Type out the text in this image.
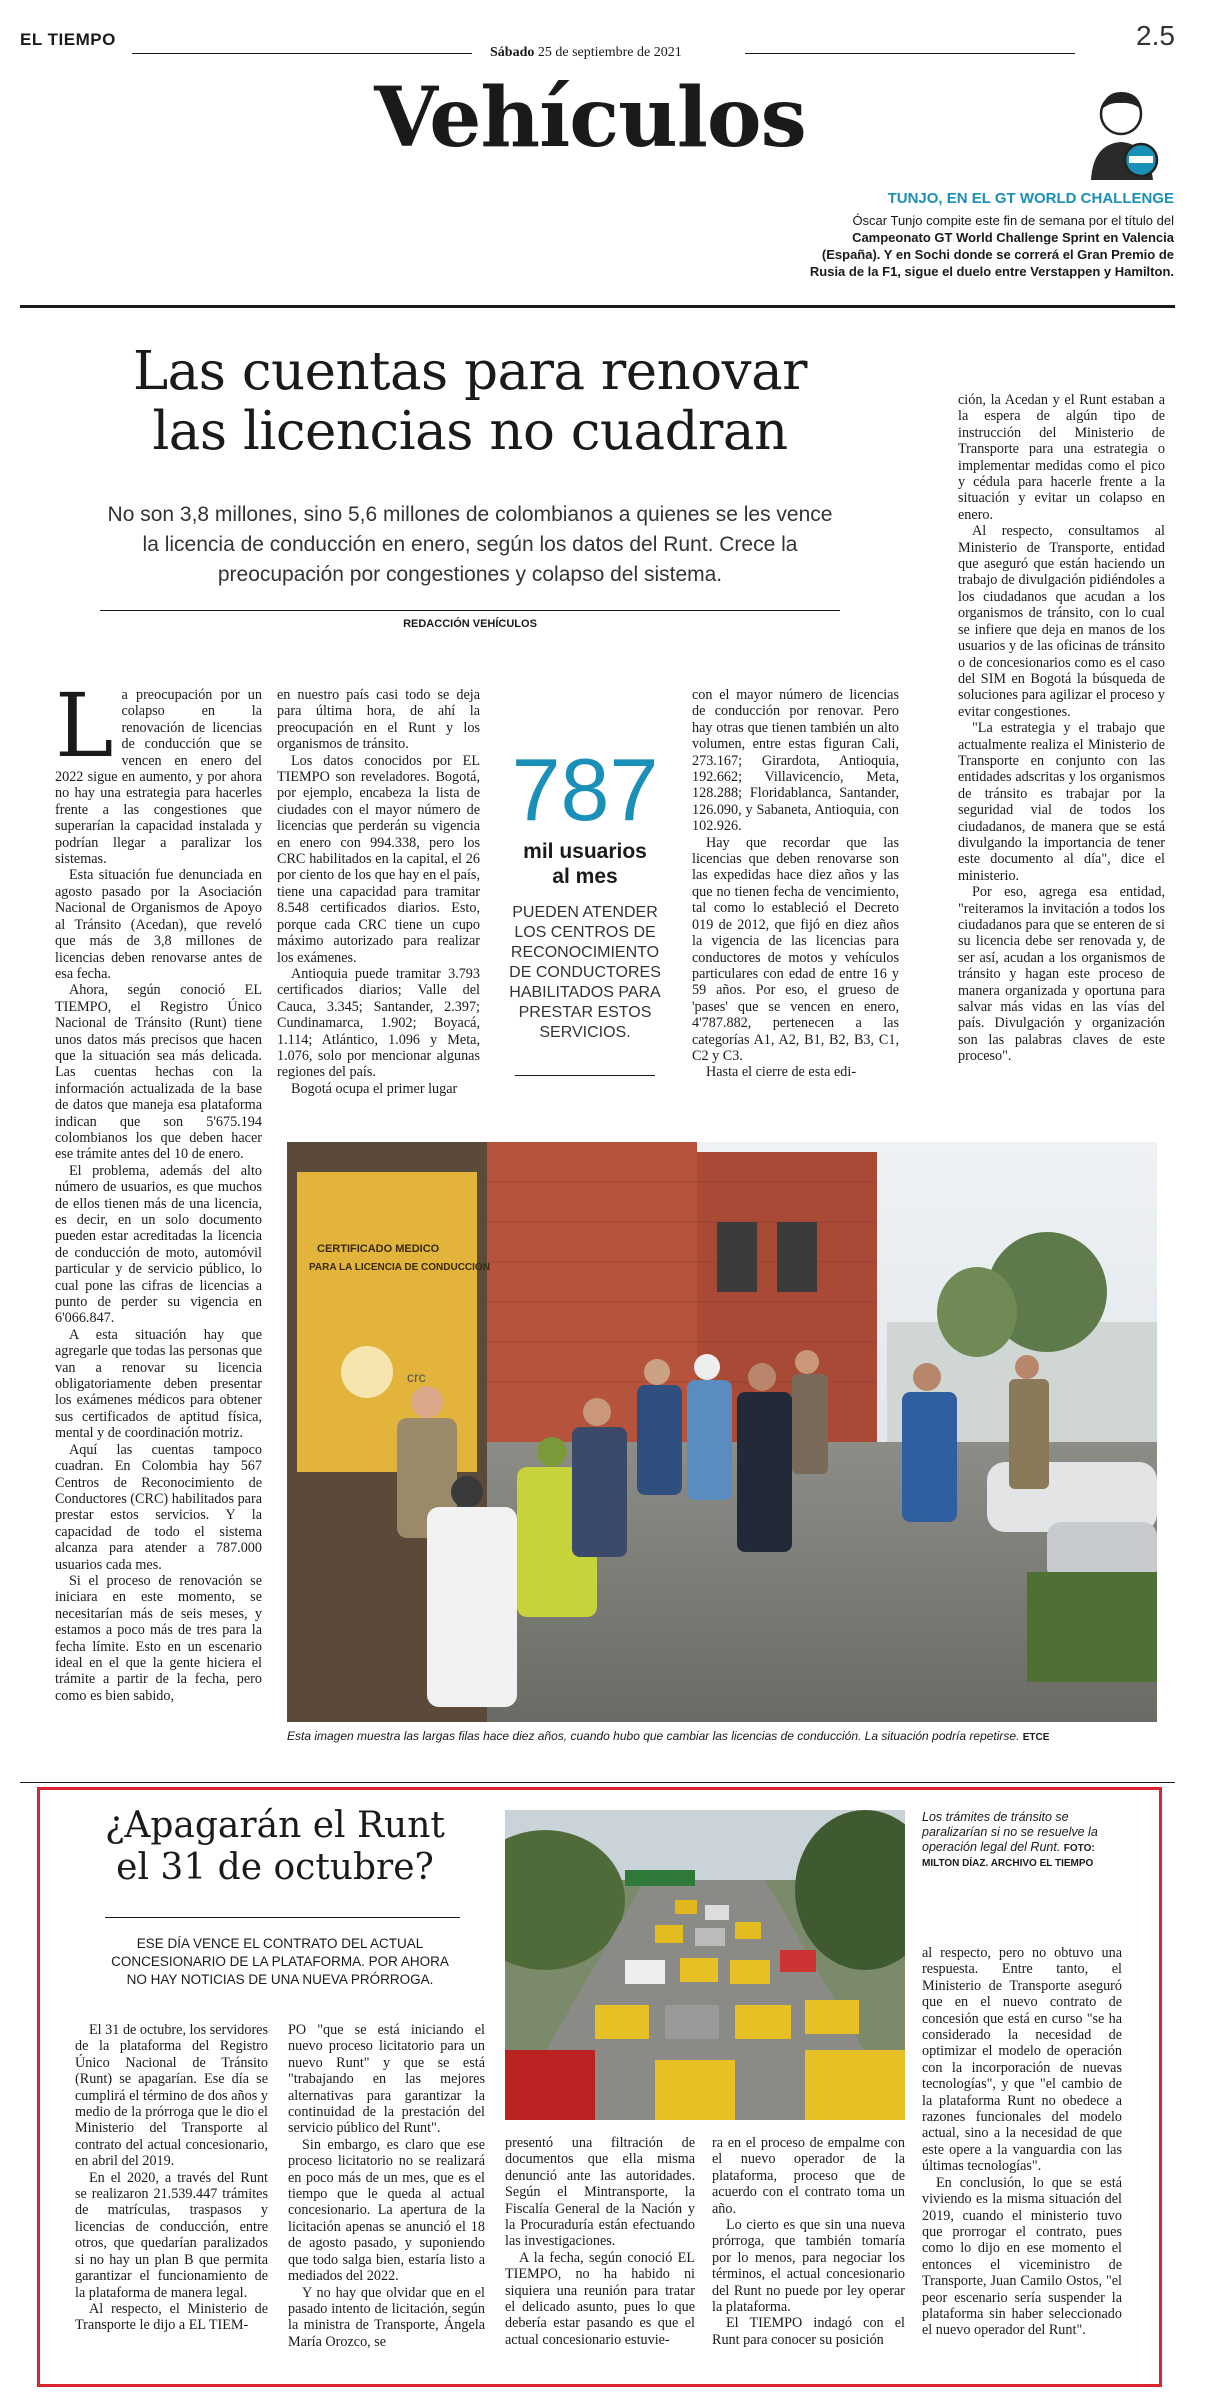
EL TIEMPO
Sábado 25 de septiembre de 2021
2.5
Vehículos
TUNJO, EN EL GT WORLD CHALLENGE
Óscar Tunjo compite este fin de semana por el título del Campeonato GT World Challenge Sprint en Valencia (España). Y en Sochi donde se correrá el Gran Premio de Rusia de la F1, sigue el duelo entre Verstappen y Hamilton.
Las cuentas para renovar
las licencias no cuadran
No son 3,8 millones, sino 5,6 millones de colombianos a quienes se les vence la licencia de conducción en enero, según los datos del Runt. Crece la preocupación por congestiones y colapso del sistema.
REDACCIÓN VEHÍCULOS
L a preocupación por un colapso en la renovación de licencias de conducción que se vencen en enero del 2022 sigue en aumento, y por ahora no hay una estrategia para hacerles frente a las congestiones que superarían la capacidad instalada y podrían llegar a paralizar los sistemas.

Esta situación fue denunciada en agosto pasado por la Asociación Nacional de Organismos de Apoyo al Tránsito (Acedan), que reveló que más de 3,8 millones de licencias deben renovarse antes de esa fecha.

Ahora, según conoció EL TIEMPO, el Registro Único Nacional de Tránsito (Runt) tiene unos datos más precisos que hacen que la situación sea más delicada. Las cuentas hechas con la información actualizada de la base de datos que maneja esa plataforma indican que son 5'675.194 colombianos los que deben hacer ese trámite antes del 10 de enero.

El problema, además del alto número de usuarios, es que muchos de ellos tienen más de una licencia, es decir, en un solo documento pueden estar acreditadas la licencia de conducción de moto, automóvil particular y de servicio público, lo cual pone las cifras de licencias a punto de perder su vigencia en 6'066.847.

A esta situación hay que agregarle que todas las personas que van a renovar su licencia obligatoriamente deben presentar los exámenes médicos para obtener sus certificados de aptitud física, mental y de coordinación motriz.

Aquí las cuentas tampoco cuadran. En Colombia hay 567 Centros de Reconocimiento de Conductores (CRC) habilitados para prestar estos servicios. Y la capacidad de todo el sistema alcanza para atender a 787.000 usuarios cada mes.

Si el proceso de renovación se iniciara en este momento, se necesitarían más de seis meses, y estamos a poco más de tres para la fecha límite. Esto en un escenario ideal en el que la gente hiciera el trámite a partir de la fecha, pero como es bien sabido,

en nuestro país casi todo se deja para última hora, de ahí la preocupación en el Runt y los organismos de tránsito.

Los datos conocidos por EL TIEMPO son reveladores. Bogotá, por ejemplo, encabeza la lista de ciudades con el mayor número de licencias que perderán su vigencia en enero con 994.338, pero los CRC habilitados en la capital, el 26 por ciento de los que hay en el país, tiene una capacidad para tramitar 8.548 certificados diarios. Esto, porque cada CRC tiene un cupo máximo autorizado para realizar los exámenes.

Antioquia puede tramitar 3.793 certificados diarios; Valle del Cauca, 3.345; Santander, 2.397; Cundinamarca, 1.902; Boyacá, 1.114; Atlántico, 1.096 y Meta, 1.076, solo por mencionar algunas regiones del país.

Bogotá ocupa el primer lugar

787
mil usuarios
al mes
PUEDEN ATENDER LOS CENTROS DE RECONOCIMIENTO DE CONDUCTORES HABILITADOS PARA PRESTAR ESTOS SERVICIOS.

con el mayor número de licencias de conducción por renovar. Pero hay otras que tienen también un alto volumen, entre estas figuran Cali, 273.167; Girardota, Antioquia, 192.662; Villavicencio, Meta, 128.288; Floridablanca, Santander, 126.090, y Sabaneta, Antioquia, con 102.926.

Hay que recordar que las licencias que deben renovarse son las expedidas hace diez años y las que no tienen fecha de vencimiento, tal como lo estableció el Decreto 019 de 2012, que fijó en diez años la vigencia de las licencias para conductores de motos y vehículos particulares con edad de entre 16 y 59 años. Por eso, el grueso de 'pases' que se vencen en enero, 4'787.882, pertenecen a las categorías A1, A2, B1, B2, B3, C1, C2 y C3.

Hasta el cierre de esta edi-

ción, la Acedan y el Runt estaban a la espera de algún tipo de instrucción del Ministerio de Transporte para una estrategia o implementar medidas como el pico y cédula para hacerle frente a la situación y evitar un colapso en enero.

Al respecto, consultamos al Ministerio de Transporte, entidad que aseguró que están haciendo un trabajo de divulgación pidiéndoles a los ciudadanos que acudan a los organismos de tránsito, con lo cual se infiere que deja en manos de los usuarios y de las oficinas de tránsito o de concesionarios como es el caso del SIM en Bogotá la búsqueda de soluciones para agilizar el proceso y evitar congestiones.

"La estrategia y el trabajo que actualmente realiza el Ministerio de Transporte en conjunto con las entidades adscritas y los organismos de tránsito es trabajar por la seguridad vial de todos los ciudadanos, de manera que se está divulgando la importancia de tener este documento al día", dice el ministerio.

Por eso, agrega esa entidad, "reiteramos la invitación a todos los ciudadanos para que se enteren de si su licencia debe ser renovada y, de ser así, acudan a los organismos de tránsito y hagan este proceso de manera organizada y oportuna para salvar más vidas en las vías del país. Divulgación y organización son las palabras claves de este proceso".

CERTIFICADO MEDICO
PARA LA LICENCIA DE CONDUCCION
crc
Esta imagen muestra las largas filas hace diez años, cuando hubo que cambiar las licencias de conducción. La situación podría repetirse. ETCE
¿Apagarán el Runt
el 31 de octubre?
ESE DÍA VENCE EL CONTRATO DEL ACTUAL CONCESIONARIO DE LA PLATAFORMA. POR AHORA NO HAY NOTICIAS DE UNA NUEVA PRÓRROGA.
Los trámites de tránsito se paralizarían si no se resuelve la operación legal del Runt. FOTO:
MILTON DÍAZ. ARCHIVO EL TIEMPO

El 31 de octubre, los servidores de la plataforma del Registro Único Nacional de Tránsito (Runt) se apagarían. Ese día se cumplirá el término de dos años y medio de la prórroga que le dio el Ministerio del Transporte al contrato del actual concesionario, en abril del 2019.

En el 2020, a través del Runt se realizaron 21.539.447 trámites de matrículas, traspasos y licencias de conducción, entre otros, que quedarían paralizados si no hay un plan B que permita garantizar el funcionamiento de la plataforma de manera legal.

Al respecto, el Ministerio de Transporte le dijo a EL TIEM-

PO "que se está iniciando el nuevo proceso licitatorio para un nuevo Runt" y que se está "trabajando en las mejores alternativas para garantizar la continuidad de la prestación del servicio público del Runt".

Sin embargo, es claro que ese proceso licitatorio no se realizará en poco más de un mes, que es el tiempo que le queda al actual concesionario. La apertura de la licitación apenas se anunció el 18 de agosto pasado, y suponiendo que todo salga bien, estaría listo a mediados del 2022.

Y no hay que olvidar que en el pasado intento de licitación, según la ministra de Transporte, Ángela María Orozco, se

presentó una filtración de documentos que ella misma denunció ante las autoridades. Según el Mintransporte, la Fiscalía General de la Nación y la Procuraduría están efectuando las investigaciones.

A la fecha, según conoció EL TIEMPO, no ha habido ni siquiera una reunión para tratar el delicado asunto, pues lo que debería estar pasando es que el actual concesionario estuvie-

ra en el proceso de empalme con el nuevo operador de la plataforma, proceso que de acuerdo con el contrato toma un año.

Lo cierto es que sin una nueva prórroga, que también tomaría por lo menos, para negociar los términos, el actual concesionario del Runt no puede por ley operar la plataforma.

El TIEMPO indagó con el Runt para conocer su posición

al respecto, pero no obtuvo una respuesta. Entre tanto, el Ministerio de Transporte aseguró que en el nuevo contrato de concesión que está en curso "se ha considerado la necesidad de optimizar el modelo de operación con la incorporación de nuevas tecnologías", y que "el cambio de la plataforma Runt no obedece a razones funcionales del modelo actual, sino a la necesidad de que este opere a la vanguardia con las últimas tecnologías".

En conclusión, lo que se está viviendo es la misma situación del 2019, cuando el ministerio tuvo que prorrogar el contrato, pues como lo dijo en ese momento el entonces el viceministro de Transporte, Juan Camilo Ostos, "el peor escenario sería suspender la plataforma sin haber seleccionado el nuevo operador del Runt".
